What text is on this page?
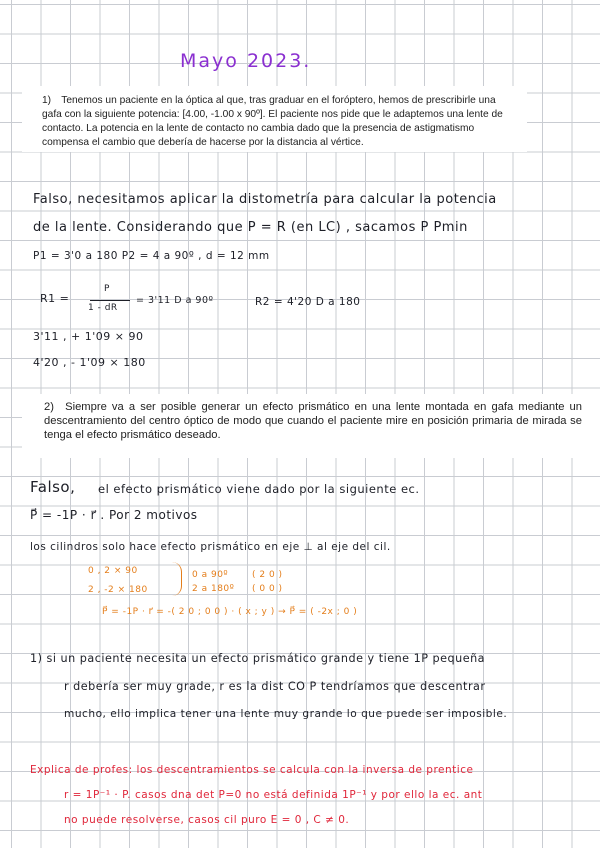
Mayo 2023.

1) Tenemos un paciente en la óptica al que, tras graduar en el foróptero, hemos de prescribirle una gafa con la siguiente potencia: [4.00, -1.00 x 90º]. El paciente nos pide que le adaptemos una lente de contacto. La potencia en la lente de contacto no cambia dado que la presencia de astigmatismo compensa el cambio que debería de hacerse por la distancia al vértice.

Falso, necesitamos aplicar la distometría para calcular la potencia
de la lente. Considerando que P = R (en LC) , sacamos P Pmin
P1 = 3'0 a 180 P2 = 4 a 90º , d = 12 mm
R1 =
P
1 - dR
= 3'11 D a 90º	R2 = 4'20 D a 180
3'11 , + 1'09 × 90
4'20 , - 1'09 × 180

2) Siempre va a ser posible generar un efecto prismático en una lente montada en gafa mediante un descentramiento del centro óptico de modo que cuando el paciente mire en posición primaria de mirada se tenga el efecto prismático deseado.

Falso, el efecto prismático viene dado por la siguiente ec.
P⃗ = -1P · r⃗ . Por 2 motivos
los cilindros solo hace efecto prismático en eje ⊥ al eje del cil.
0 , 2 × 90
2 , -2 × 180
0 a 90º
2 a 180º
( 2 0 )
( 0 0 )
P⃗ = -1P · r⃗ = -( 2 0 ; 0 0 ) · ( x ; y ) → P⃗ = ( -2x ; 0 )
1) si un paciente necesita un efecto prismático grande y tiene 1P pequeña
r debería ser muy grade, r es la dist CO P tendríamos que descentrar
mucho, ello implica tener una lente muy grande lo que puede ser imposible.
Explica de profes: los descentramientos se calcula con la inversa de prentice
r = 1P⁻¹ · P. casos dna det P=0 no está definida 1P⁻¹ y por ello la ec. ant
no puede resolverse, casos cil puro E = 0 , C ≠ 0.
